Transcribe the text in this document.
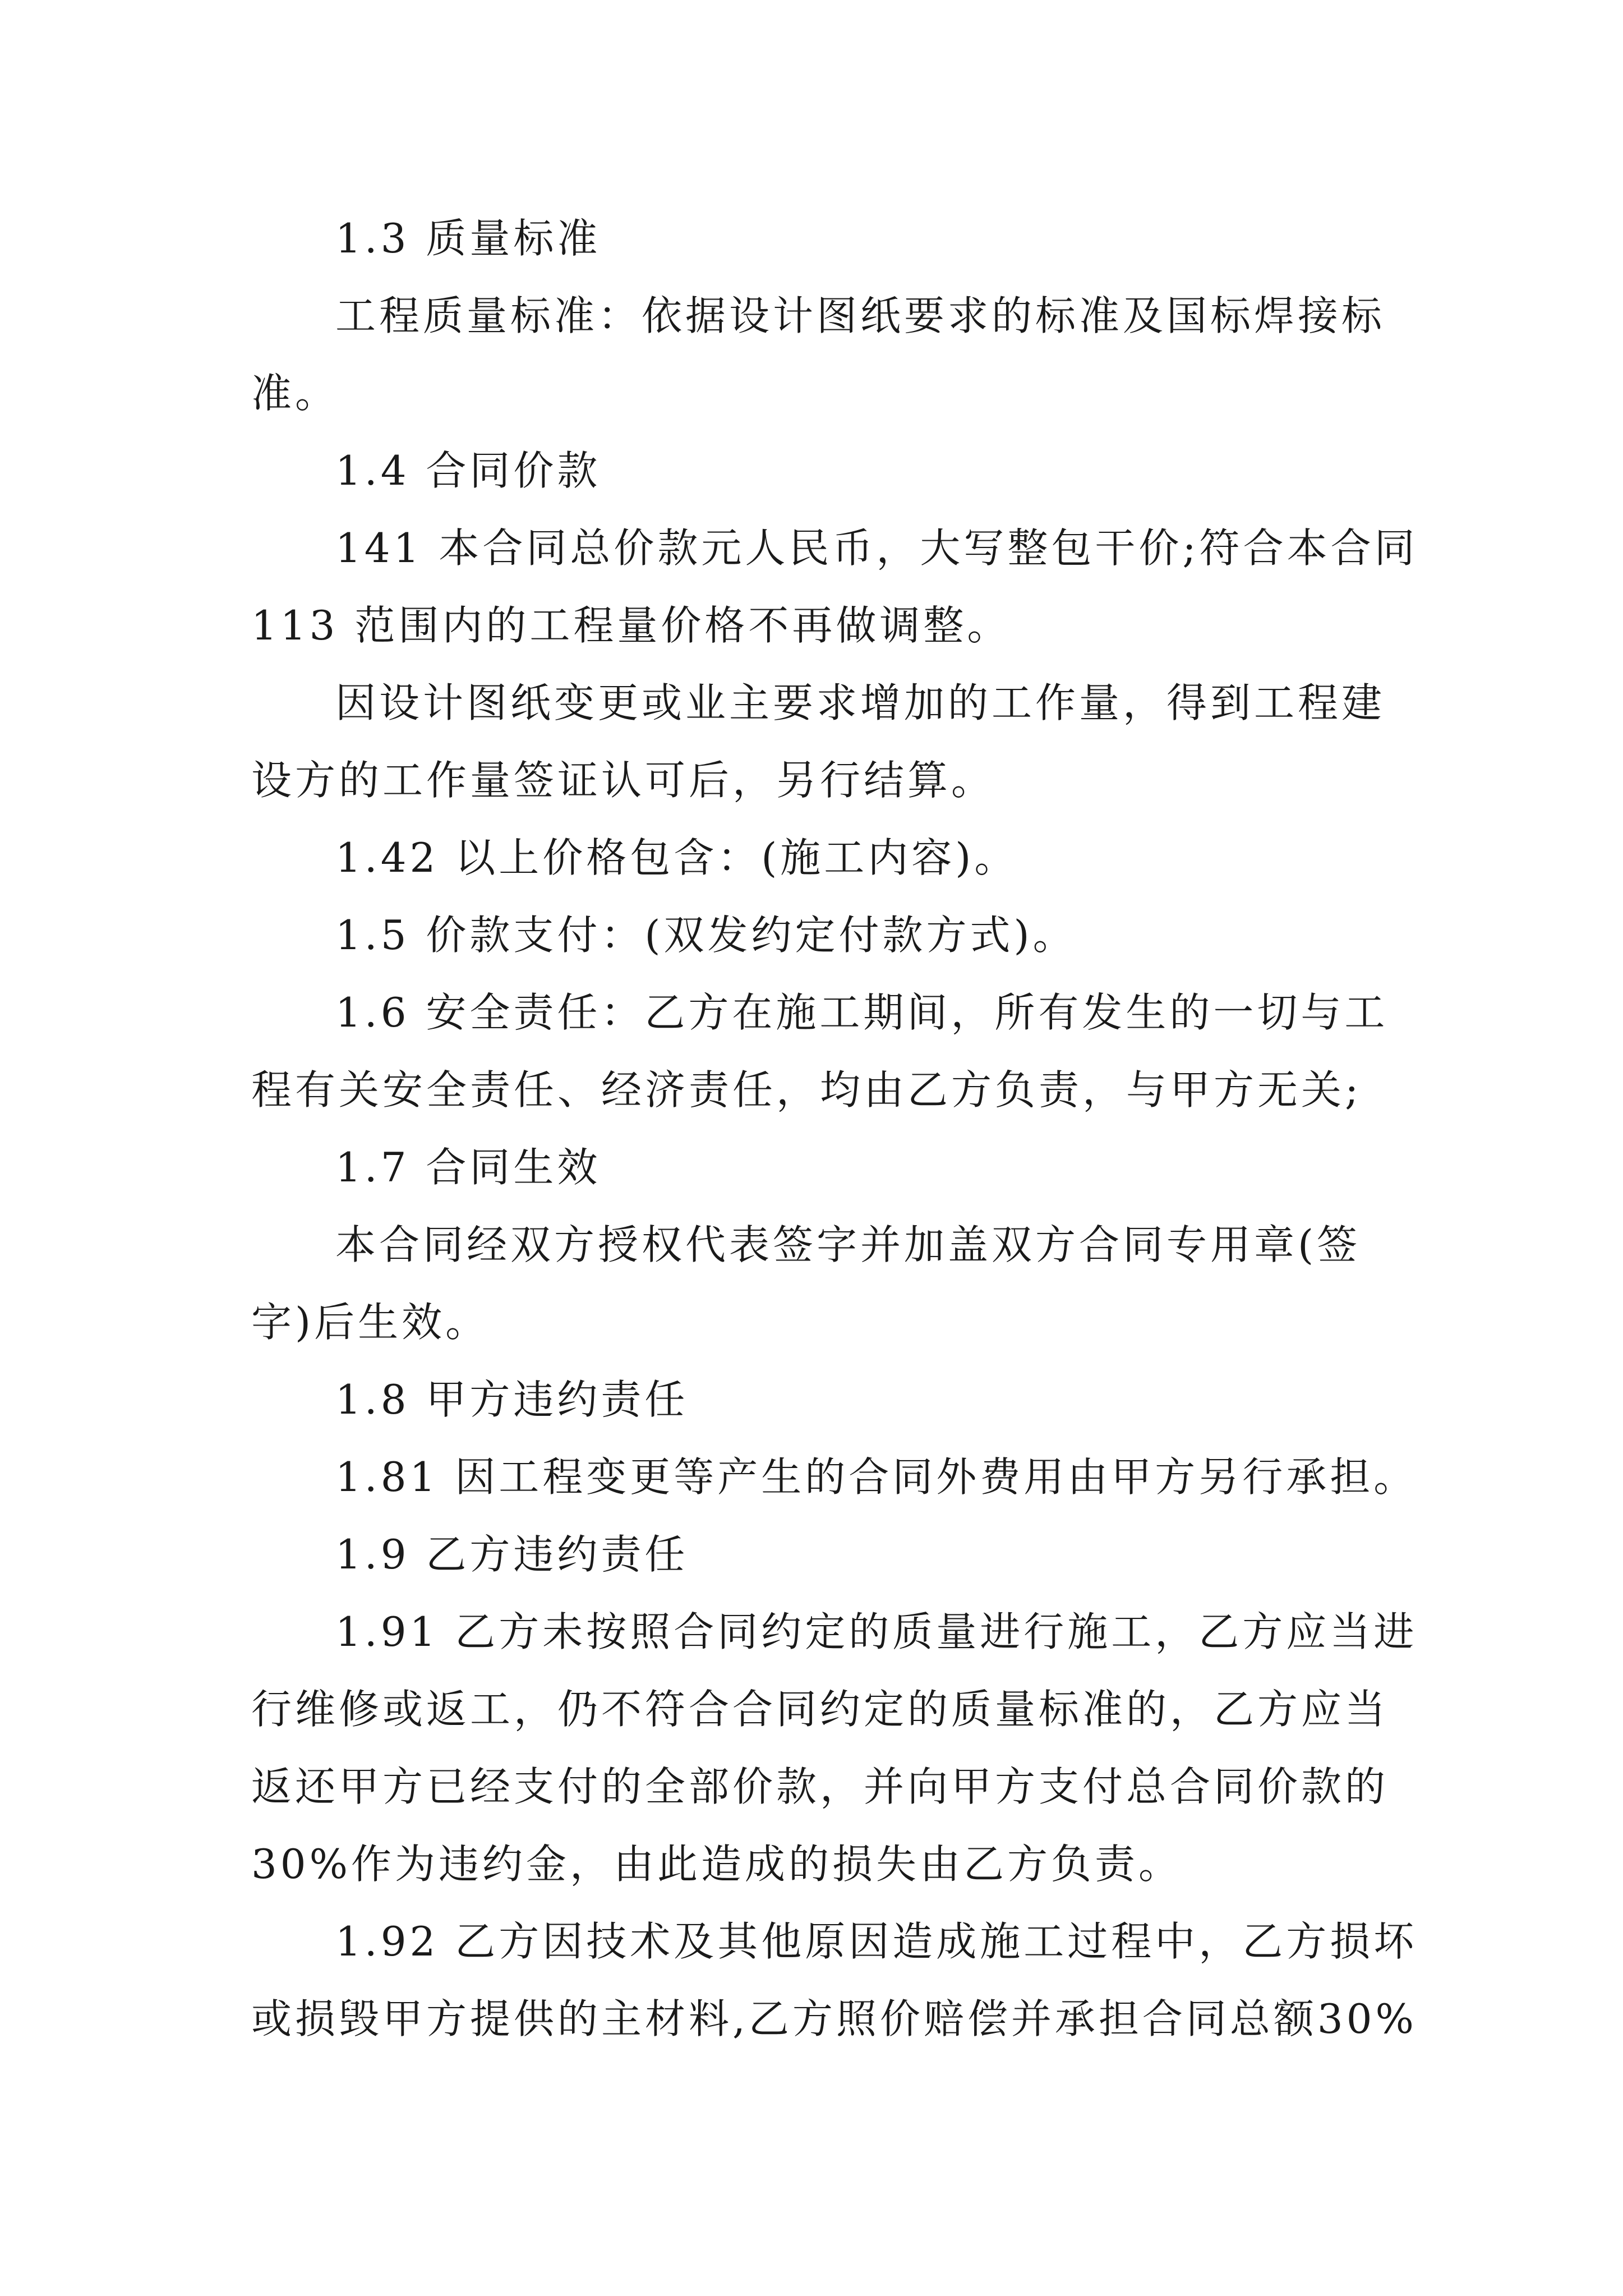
1.3 质量标准
工程质量标准：依据设计图纸要求的标准及国标焊接标
准。
1.4 合同价款
141 本合同总价款元人民币，大写整包干价;符合本合同
113 范围内的工程量价格不再做调整。
因设计图纸变更或业主要求增加的工作量，得到工程建
设方的工作量签证认可后，另行结算。
1.42 以上价格包含：(施工内容)。
1.5 价款支付：(双发约定付款方式)。
1.6 安全责任：乙方在施工期间，所有发生的一切与工
程有关安全责任、经济责任，均由乙方负责，与甲方无关;
1.7 合同生效
本合同经双方授权代表签字并加盖双方合同专用章(签
字)后生效。
1.8 甲方违约责任
1.81 因工程变更等产生的合同外费用由甲方另行承担。
1.9 乙方违约责任
1.91 乙方未按照合同约定的质量进行施工，乙方应当进
行维修或返工，仍不符合合同约定的质量标准的，乙方应当
返还甲方已经支付的全部价款，并向甲方支付总合同价款的
30%作为违约金，由此造成的损失由乙方负责。
1.92 乙方因技术及其他原因造成施工过程中，乙方损坏
或损毁甲方提供的主材料,乙方照价赔偿并承担合同总额30%
